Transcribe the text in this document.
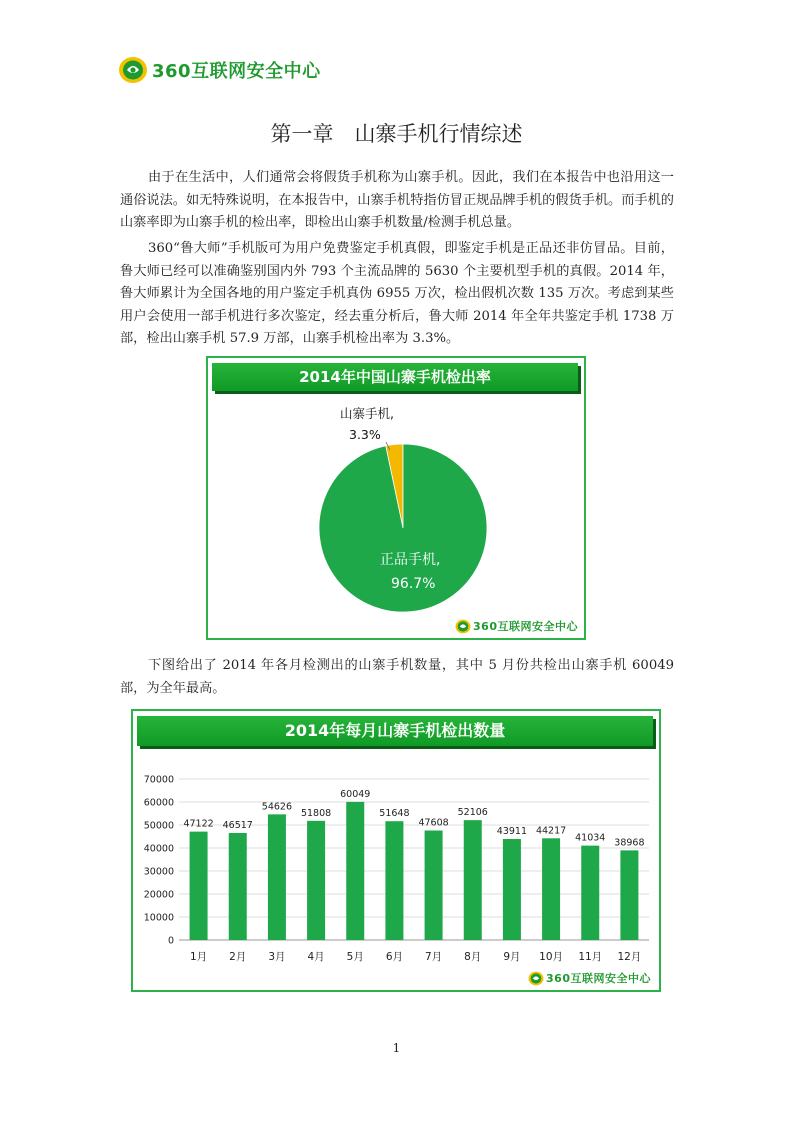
360互联网安全中心
第一章　山寨手机行情综述

由于在生活中，人们通常会将假货手机称为山寨手机。因此，我们在本报告中也沿用这一通俗说法。如无特殊说明，在本报告中，山寨手机特指仿冒正规品牌手机的假货手机。而手机的山寨率即为山寨手机的检出率，即检出山寨手机数量/检测手机总量。

360“鲁大师”手机版可为用户免费鉴定手机真假，即鉴定手机是正品还非仿冒品。目前，鲁大师已经可以准确鉴别国内外 793 个主流品牌的 5630 个主要机型手机的真假。2014 年，鲁大师累计为全国各地的用户鉴定手机真伪 6955 万次，检出假机次数 135 万次。考虑到某些用户会使用一部手机进行多次鉴定，经去重分析后，鲁大师 2014 年全年共鉴定手机 1738 万部，检出山寨手机 57.9 万部，山寨手机检出率为 3.3%。

2014年中国山寨手机检出率
山寨手机,
3.3%
正品手机,
96.7%
360互联网安全中心

下图给出了 2014 年各月检测出的山寨手机数量，其中 5 月份共检出山寨手机 60049 部，为全年最高。

2014年每月山寨手机检出数量
0
10000
20000
30000
40000
50000
60000
70000
47122
1月
46517
2月
54626
3月
51808
4月
60049
5月
51648
6月
47608
7月
52106
8月
43911
9月
44217
10月
41034
11月
38968
12月
360互联网安全中心
1
